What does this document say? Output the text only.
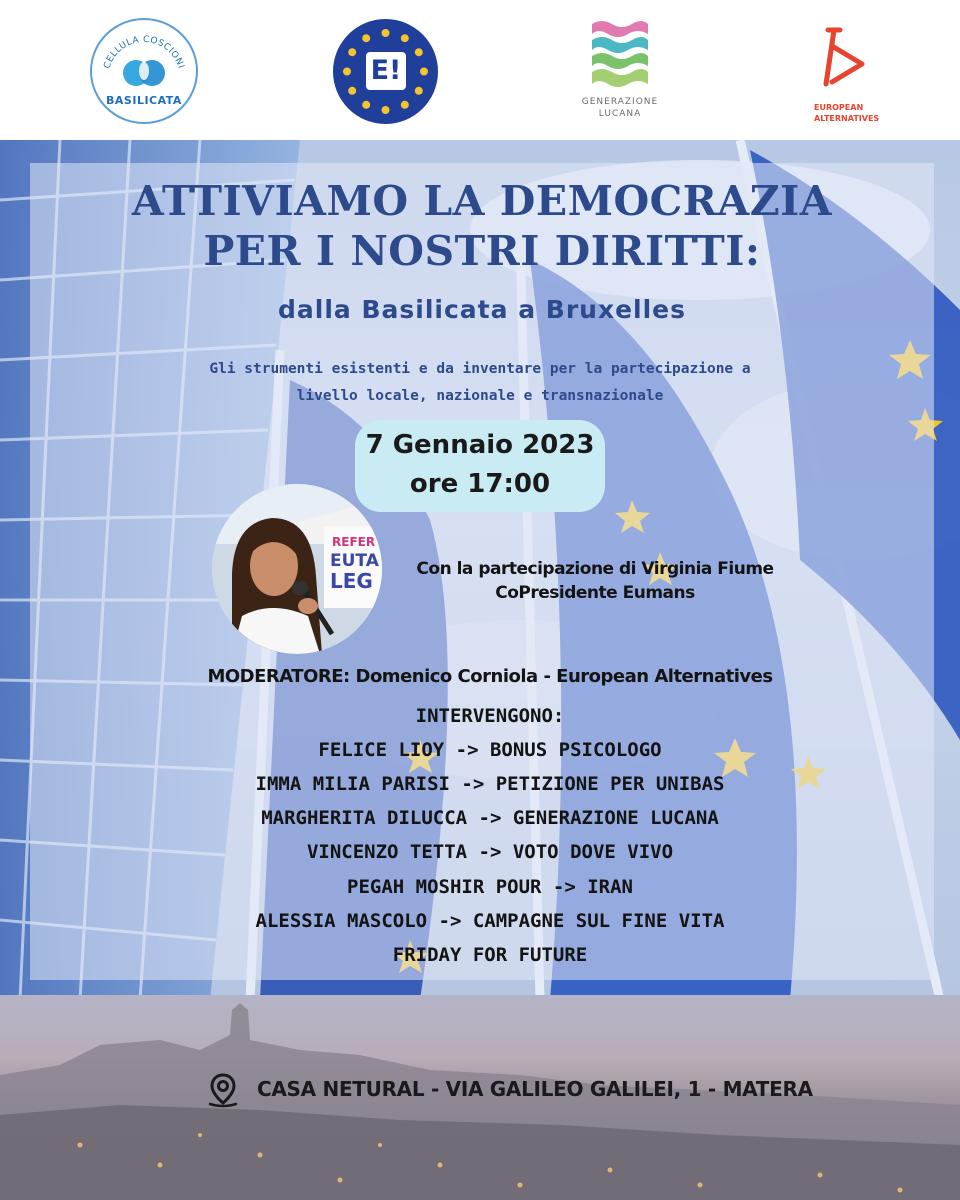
CELLULA COSCIONI
BASILICATA
E!
GENERAZIONE
LUCANA
EUROPEAN
ALTERNATIVES
ATTIVIAMO LA DEMOCRAZIA
PER I NOSTRI DIRITTI:
dalla Basilicata a Bruxelles
Gli strumenti esistenti e da inventare per la partecipazione a
livello locale, nazionale e transnazionale
7 Gennaio 2023
ore 17:00
REFER
EUTA
LEG	Con la partecipazione di Virginia Fiume

CoPresidente Eumans

MODERATORE: Domenico Corniola - European Alternatives

INTERVENGONO:

FELICE LIOY -> BONUS PSICOLOGO

IMMA MILIA PARISI -> PETIZIONE PER UNIBAS

MARGHERITA DILUCCA -> GENERAZIONE LUCANA

VINCENZO TETTA -> VOTO DOVE VIVO

PEGAH MOSHIR POUR -> IRAN

ALESSIA MASCOLO -> CAMPAGNE SUL FINE VITA

FRIDAY FOR FUTURE

CASA NETURAL - VIA GALILEO GALILEI, 1 - MATERA
